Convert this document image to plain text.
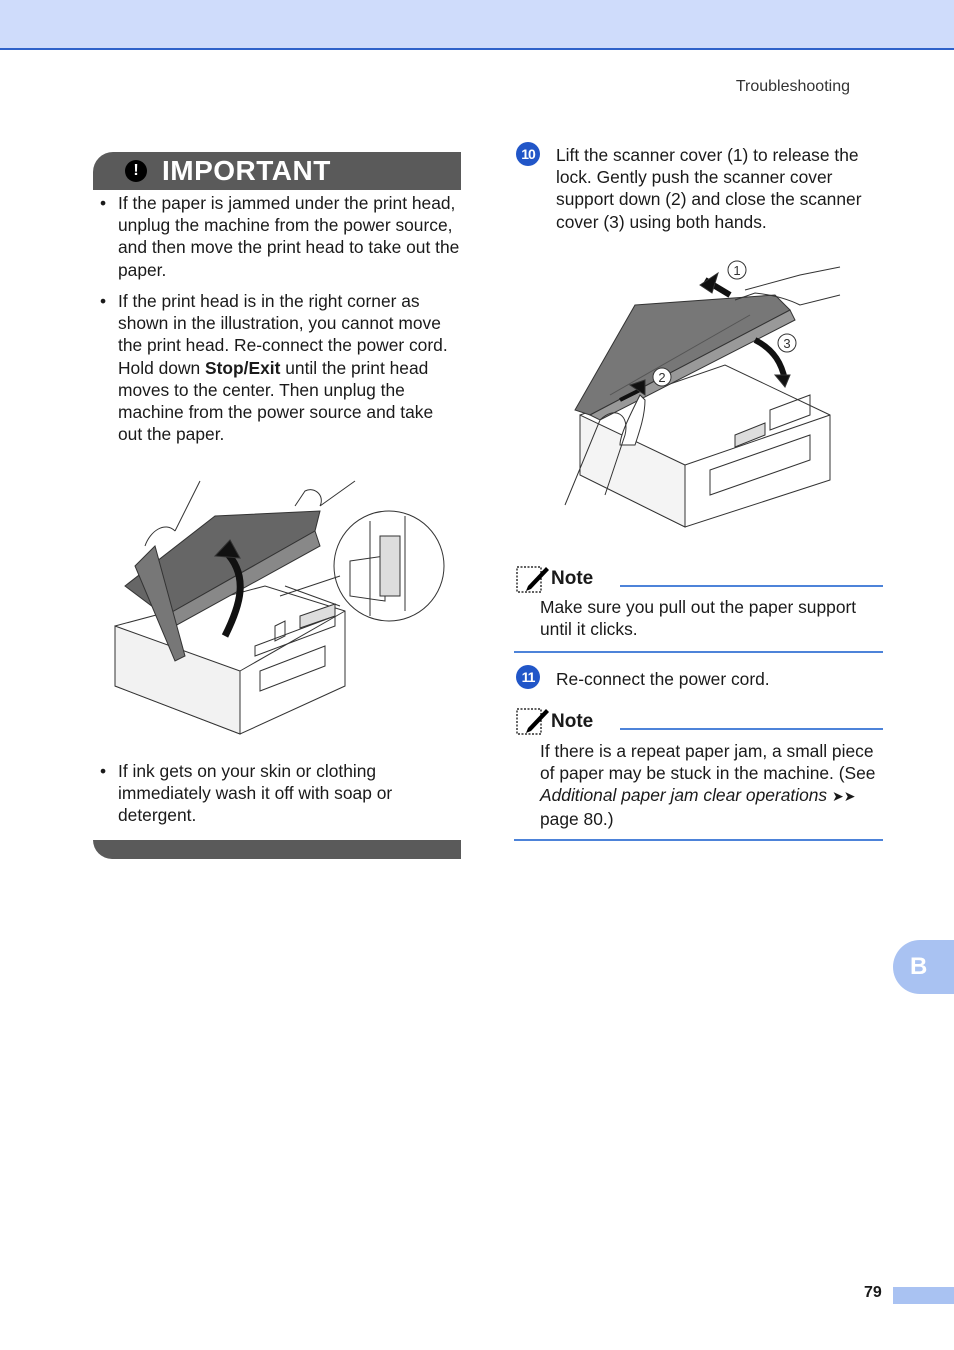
Troubleshooting
! IMPORTANT
• If the paper is jammed under the print head, unplug the machine from the power source, and then move the print head to take out the paper.
• If the print head is in the right corner as shown in the illustration, you cannot move the print head. Re-connect the power cord. Hold down Stop/Exit until the print head moves to the center. Then unplug the machine from the power source and take out the paper.
• If ink gets on your skin or clothing immediately wash it off with soap or detergent.
10 Lift the scanner cover (1) to release the lock. Gently push the scanner cover support down (2) and close the scanner cover (3) using both hands.
1
2
3
Note
Make sure you pull out the paper support until it clicks.
11	Re-connect the power cord.
Note
If there is a repeat paper jam, a small piece of paper may be stuck in the machine. (See Additional paper jam clear operations ➤➤ page 80.)
B
79
